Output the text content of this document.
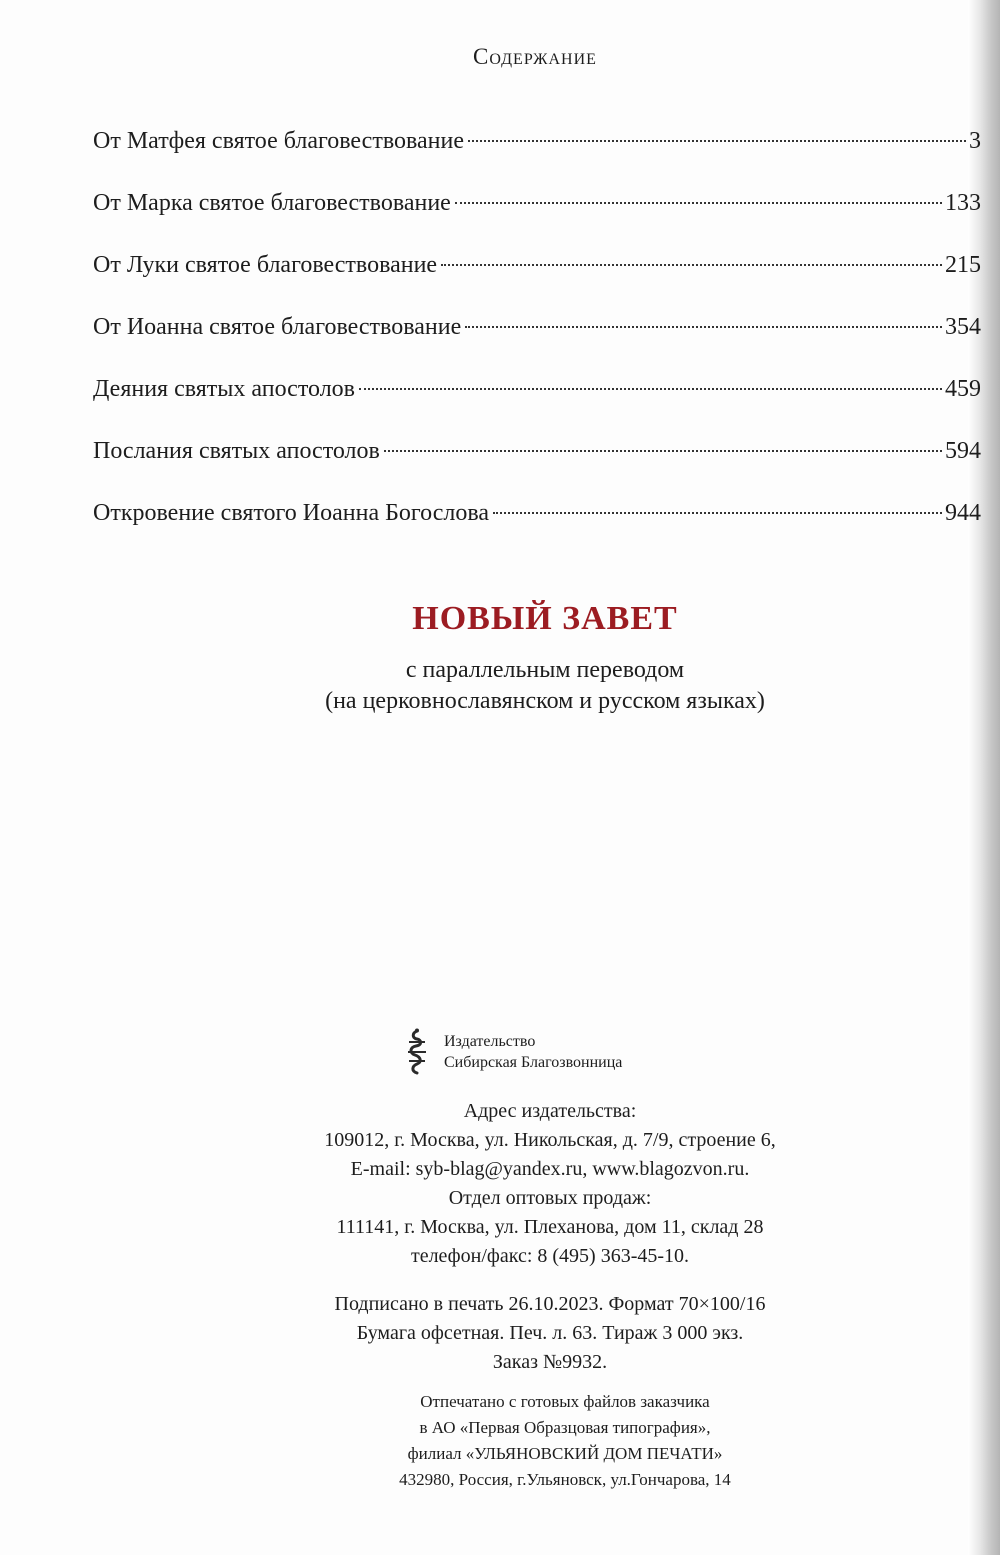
Содержание
От Матфея святое благовествование	3
От Марка святое благовествование	133
От Луки святое благовествование	215
От Иоанна святое благовествование	354
Деяния святых апостолов	459
Послания святых апостолов	594
Откровение святого Иоанна Богослова	944
НОВЫЙ ЗАВЕТ

с параллельным переводом

(на церковнославянском и русском языках)

Издательство
Сибирская Благозвонница

Адрес издательства:

109012, г. Москва, ул. Никольская, д. 7/9, строение 6,

E-mail: syb-blag@yandex.ru, www.blagozvon.ru.

Отдел оптовых продаж:

111141, г. Москва, ул. Плеханова, дом 11, склад 28

телефон/факс: 8 (495) 363-45-10.

Подписано в печать 26.10.2023. Формат 70×100/16

Бумага офсетная. Печ. л. 63. Тираж 3 000 экз.

Заказ №9932.

Отпечатано с готовых файлов заказчика

в АО «Первая Образцовая типография»,

филиал «УЛЬЯНОВСКИЙ ДОМ ПЕЧАТИ»

432980, Россия, г.Ульяновск, ул.Гончарова, 14
